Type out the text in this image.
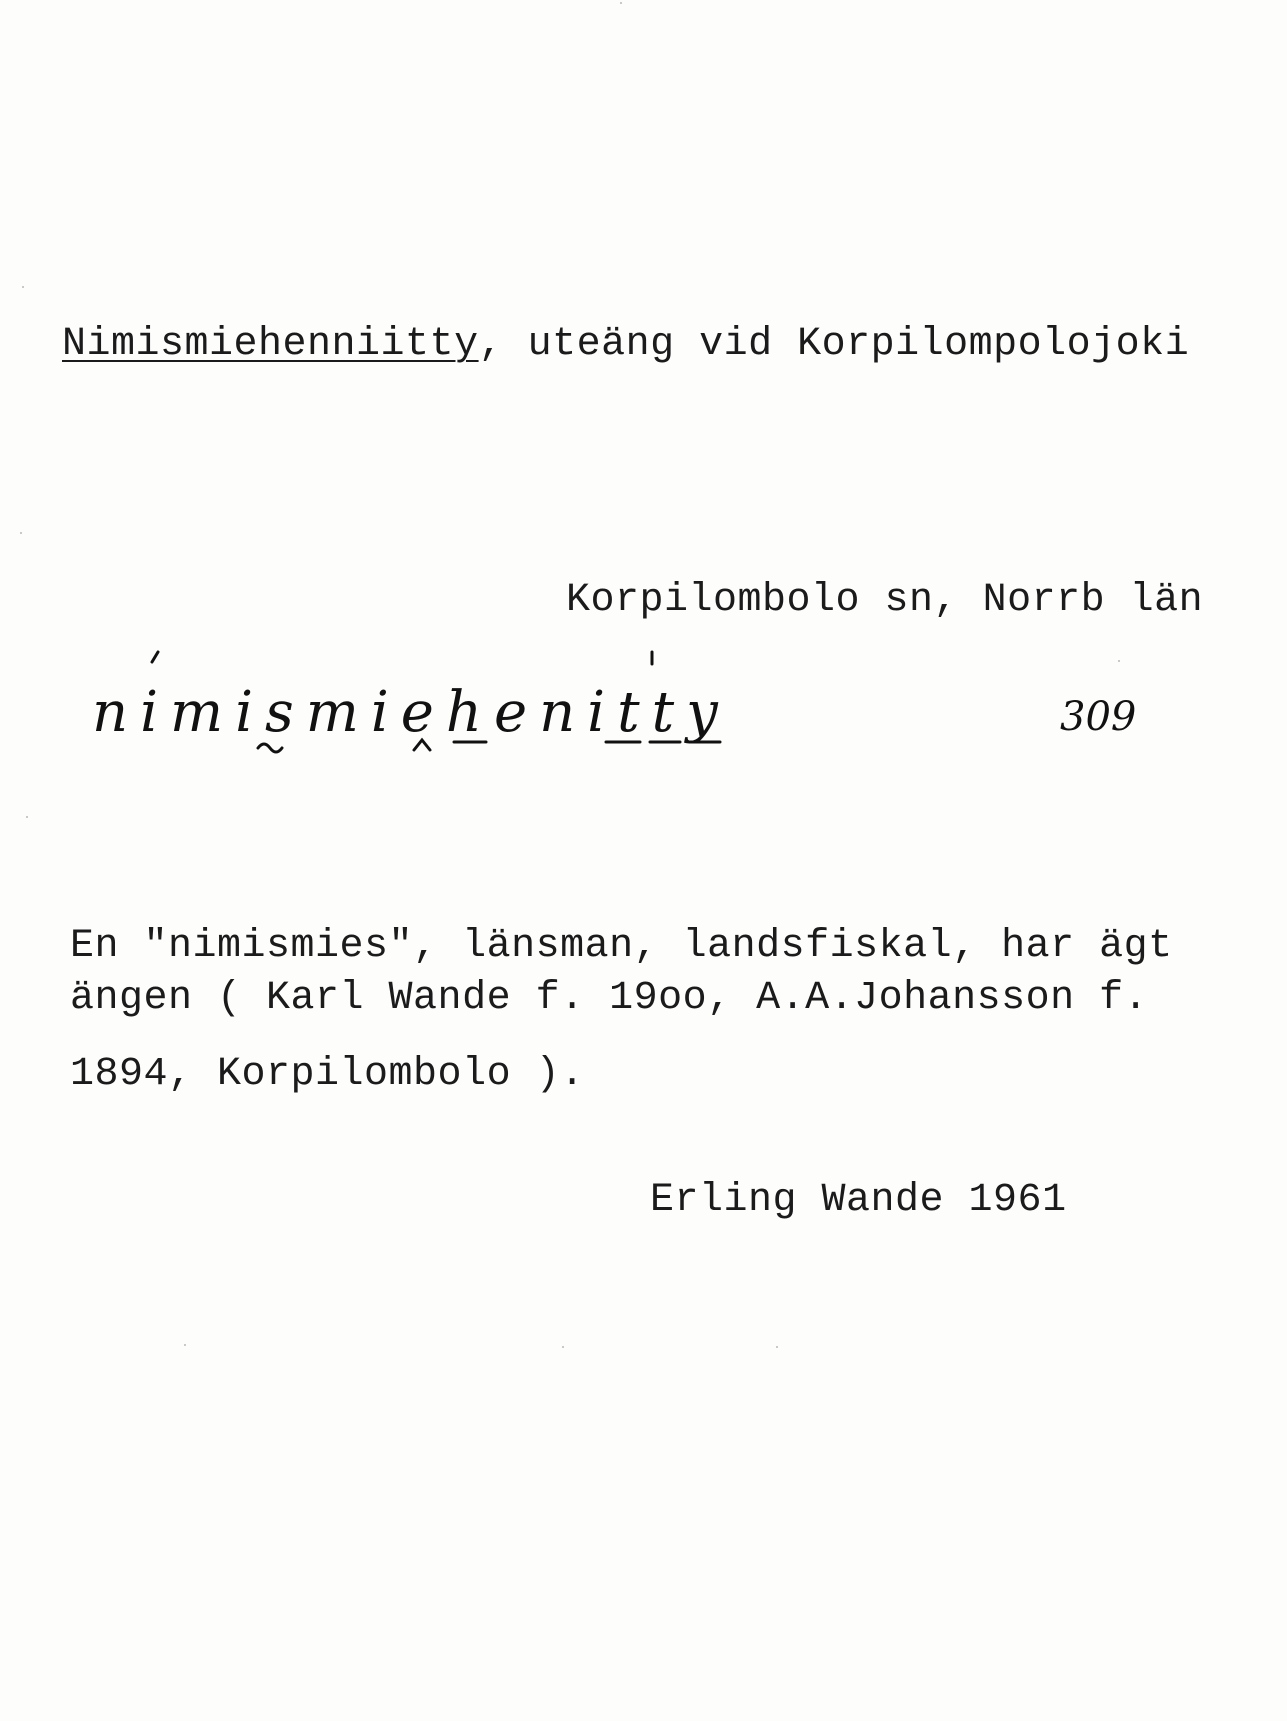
Nimismiehenniitty, uteäng vid Korpilompolojoki
Korpilombolo sn, Norrb län
nimismiehenitty	309
En "nimismies", länsman, landsfiskal, har ägt
ängen ( Karl Wande f. 19oo, A.A.Johansson f.
1894, Korpilombolo ).
Erling Wande 1961
